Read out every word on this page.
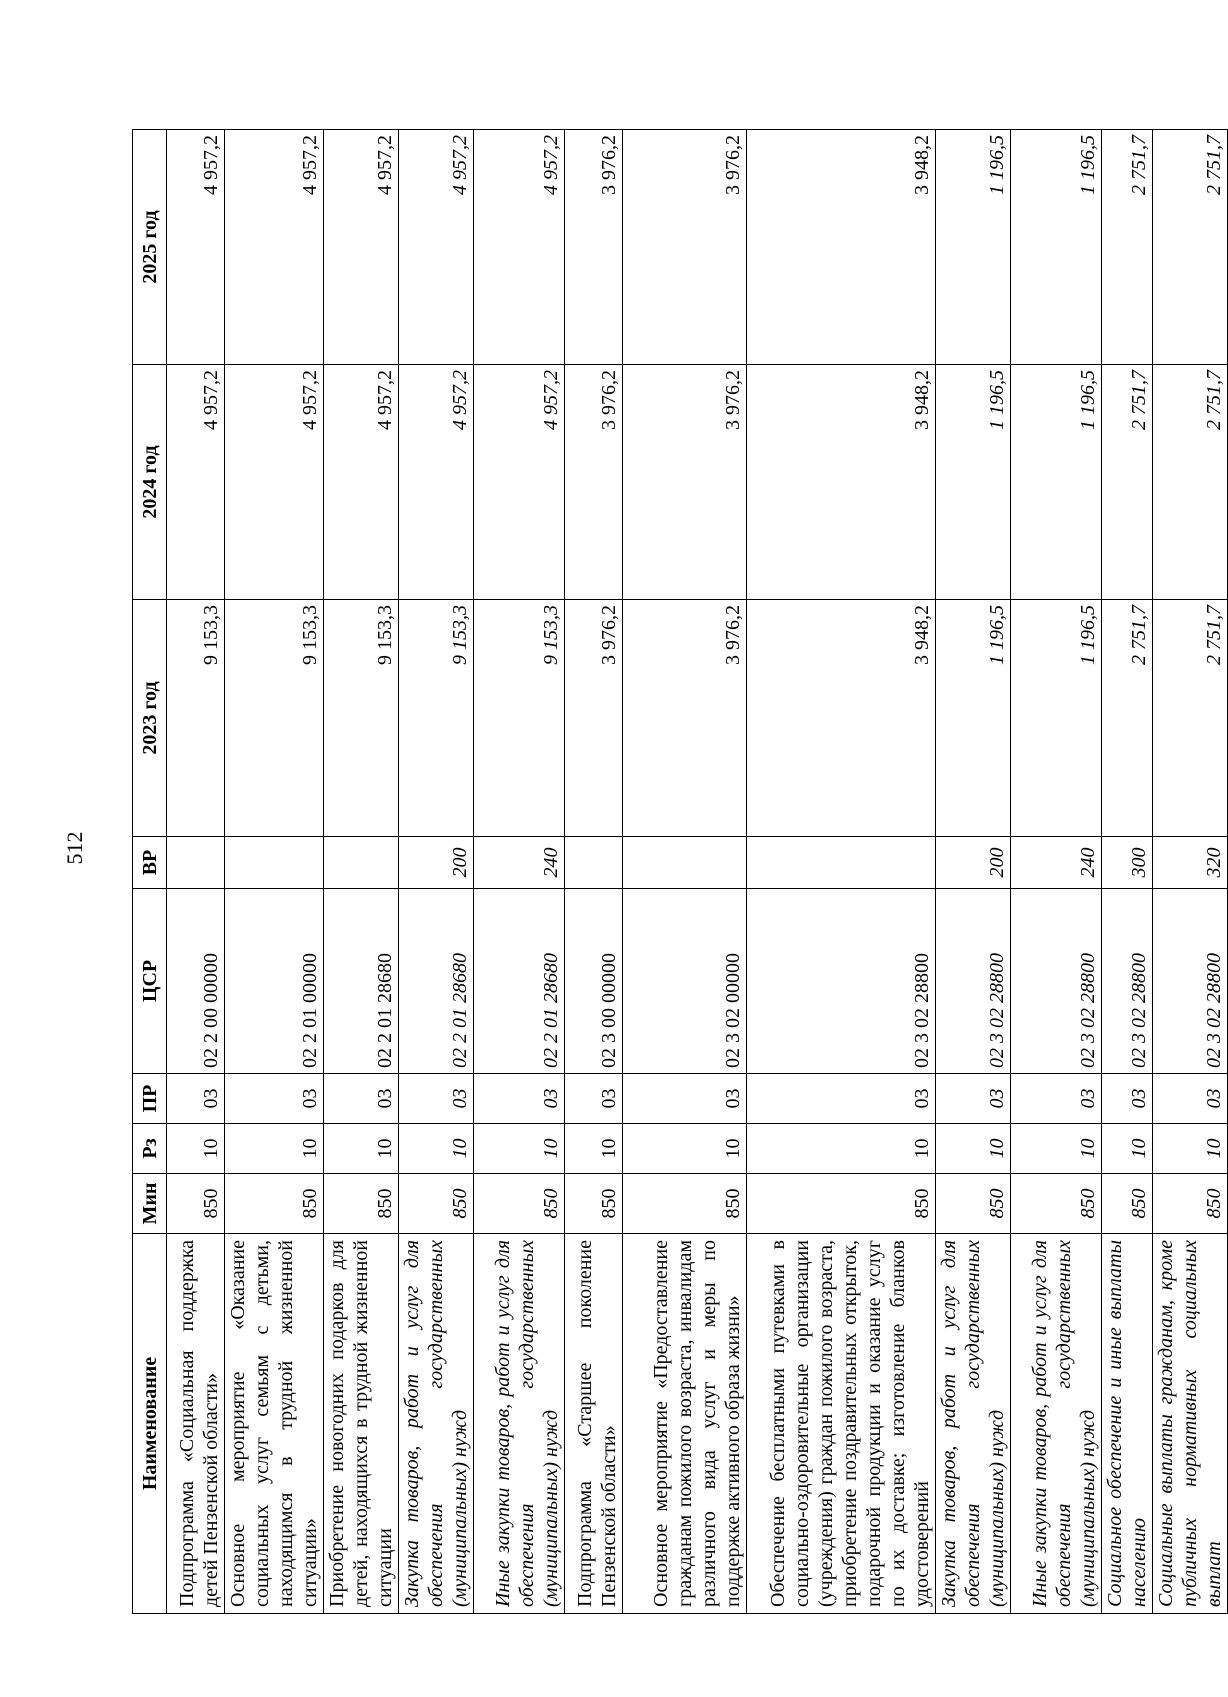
512
Наименование	Мин	Рз	ПР	ЦСР	ВР	2023 год	2024 год	2025 год
Подпрограмма «Социальная поддержка детей Пензенской области»	850	10	03	02 2 00 00000		9 153,3	4 957,2	4 957,2
Основное мероприятие «Оказание социальных услуг семьям с детьми, находящимся в трудной жизненной ситуации»	850	10	03	02 2 01 00000		9 153,3	4 957,2	4 957,2
Приобретение новогодних подарков для детей, находящихся в трудной жизненной ситуации	850	10	03	02 2 01 28680		9 153,3	4 957,2	4 957,2
Закупка товаров, работ и услуг для обеспечения государственных (муниципальных) нужд	850	10	03	02 2 01 28680	200	9 153,3	4 957,2	4 957,2
Иные закупки товаров, работ и услуг для обеспечения государственных (муниципальных) нужд	850	10	03	02 2 01 28680	240	9 153,3	4 957,2	4 957,2
Подпрограмма «Старшее поколение Пензенской области»	850	10	03	02 3 00 00000		3 976,2	3 976,2	3 976,2
Основное мероприятие «Предоставление гражданам пожилого возраста, инвалидам различного вида услуг и меры по поддержке активного образа жизни»	850	10	03	02 3 02 00000		3 976,2	3 976,2	3 976,2
Обеспечение бесплатными путевками в социально-оздоровительные организации (учреждения) граждан пожилого возраста, приобретение поздравительных открыток, подарочной продукции и оказание услуг по их доставке; изготовление бланков удостоверений	850	10	03	02 3 02 28800		3 948,2	3 948,2	3 948,2
Закупка товаров, работ и услуг для обеспечения государственных (муниципальных) нужд	850	10	03	02 3 02 28800	200	1 196,5	1 196,5	1 196,5
Иные закупки товаров, работ и услуг для обеспечения государственных (муниципальных) нужд	850	10	03	02 3 02 28800	240	1 196,5	1 196,5	1 196,5
Социальное обеспечение и иные выплаты населению	850	10	03	02 3 02 28800	300	2 751,7	2 751,7	2 751,7
Социальные выплаты гражданам, кроме публичных нормативных социальных выплат	850	10	03	02 3 02 28800	320	2 751,7	2 751,7	2 751,7
